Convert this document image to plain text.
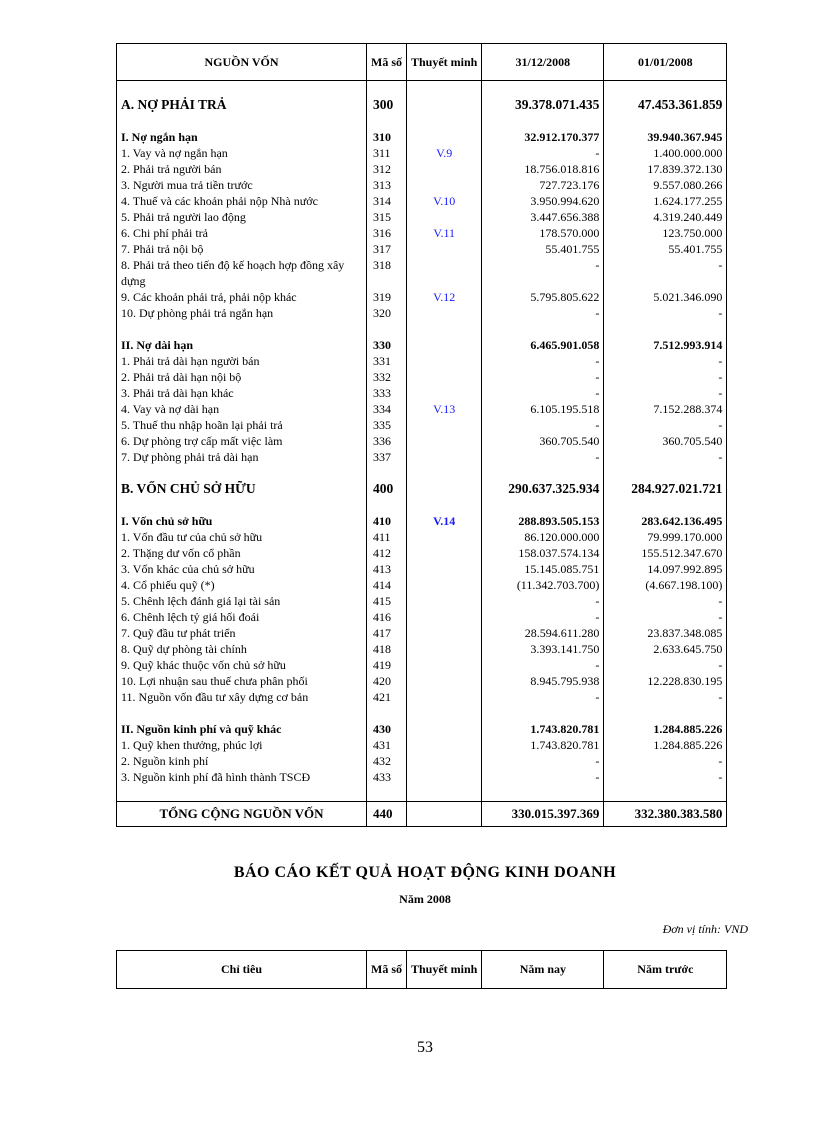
NGUỒN VỐN	Mã số	Thuyết minh	31/12/2008	01/01/2008

A. NỢ PHẢI TRẢ	300		39.378.071.435	47.453.361.859

I. Nợ ngắn hạn	310		32.912.170.377	39.940.367.945
1. Vay và nợ ngắn hạn	311	V.9	-	1.400.000.000
2. Phải trả người bán	312		18.756.018.816	17.839.372.130
3. Người mua trả tiền trước	313		727.723.176	9.557.080.266
4. Thuế và các khoản phải nộp Nhà nước	314	V.10	3.950.994.620	1.624.177.255
5. Phải trả người lao động	315		3.447.656.388	4.319.240.449
6. Chi phí phải trả	316	V.11	178.570.000	123.750.000
7. Phải trả nội bộ	317		55.401.755	55.401.755
8. Phải trả theo tiến độ kế hoạch hợp đồng xây dựng	318		-	-
9. Các khoản phải trả, phải nộp khác	319	V.12	5.795.805.622	5.021.346.090
10. Dự phòng phải trả ngắn hạn	320		-	-

II. Nợ dài hạn	330		6.465.901.058	7.512.993.914
1. Phải trả dài hạn người bán	331		-	-
2. Phải trả dài hạn nội bộ	332		-	-
3. Phải trả dài hạn khác	333		-	-
4. Vay và nợ dài hạn	334	V.13	6.105.195.518	7.152.288.374
5. Thuế thu nhập hoãn lại phải trả	335		-	-
6. Dự phòng trợ cấp mất việc làm	336		360.705.540	360.705.540
7. Dự phòng phải trả dài hạn	337		-	-

B. VỐN CHỦ SỞ HỮU	400		290.637.325.934	284.927.021.721

I. Vốn chủ sở hữu	410	V.14	288.893.505.153	283.642.136.495
1. Vốn đầu tư của chủ sở hữu	411		86.120.000.000	79.999.170.000
2. Thặng dư vốn cổ phần	412		158.037.574.134	155.512.347.670
3. Vốn khác của chủ sở hữu	413		15.145.085.751	14.097.992.895
4. Cổ phiếu quỹ (*)	414		(11.342.703.700)	(4.667.198.100)
5. Chênh lệch đánh giá lại tài sản	415		-	-
6. Chênh lệch tỷ giá hối đoái	416		-	-
7. Quỹ đầu tư phát triển	417		28.594.611.280	23.837.348.085
8. Quỹ dự phòng tài chính	418		3.393.141.750	2.633.645.750
9. Quỹ khác thuộc vốn chủ sở hữu	419		-	-
10. Lợi nhuận sau thuế chưa phân phối	420		8.945.795.938	12.228.830.195
11. Nguồn vốn đầu tư xây dựng cơ bản	421		-	-

II. Nguồn kinh phí và quỹ khác	430		1.743.820.781	1.284.885.226
1. Quỹ khen thưởng, phúc lợi	431		1.743.820.781	1.284.885.226
2. Nguồn kinh phí	432		-	-
3. Nguồn kinh phí đã hình thành TSCĐ	433		-	-

TỔNG CỘNG NGUỒN VỐN	440		330.015.397.369	332.380.383.580
BÁO CÁO KẾT QUẢ HOẠT ĐỘNG KINH DOANH
Năm 2008
Đơn vị tính: VND
Chỉ tiêu	Mã số	Thuyết minh	Năm nay	Năm trước
53
